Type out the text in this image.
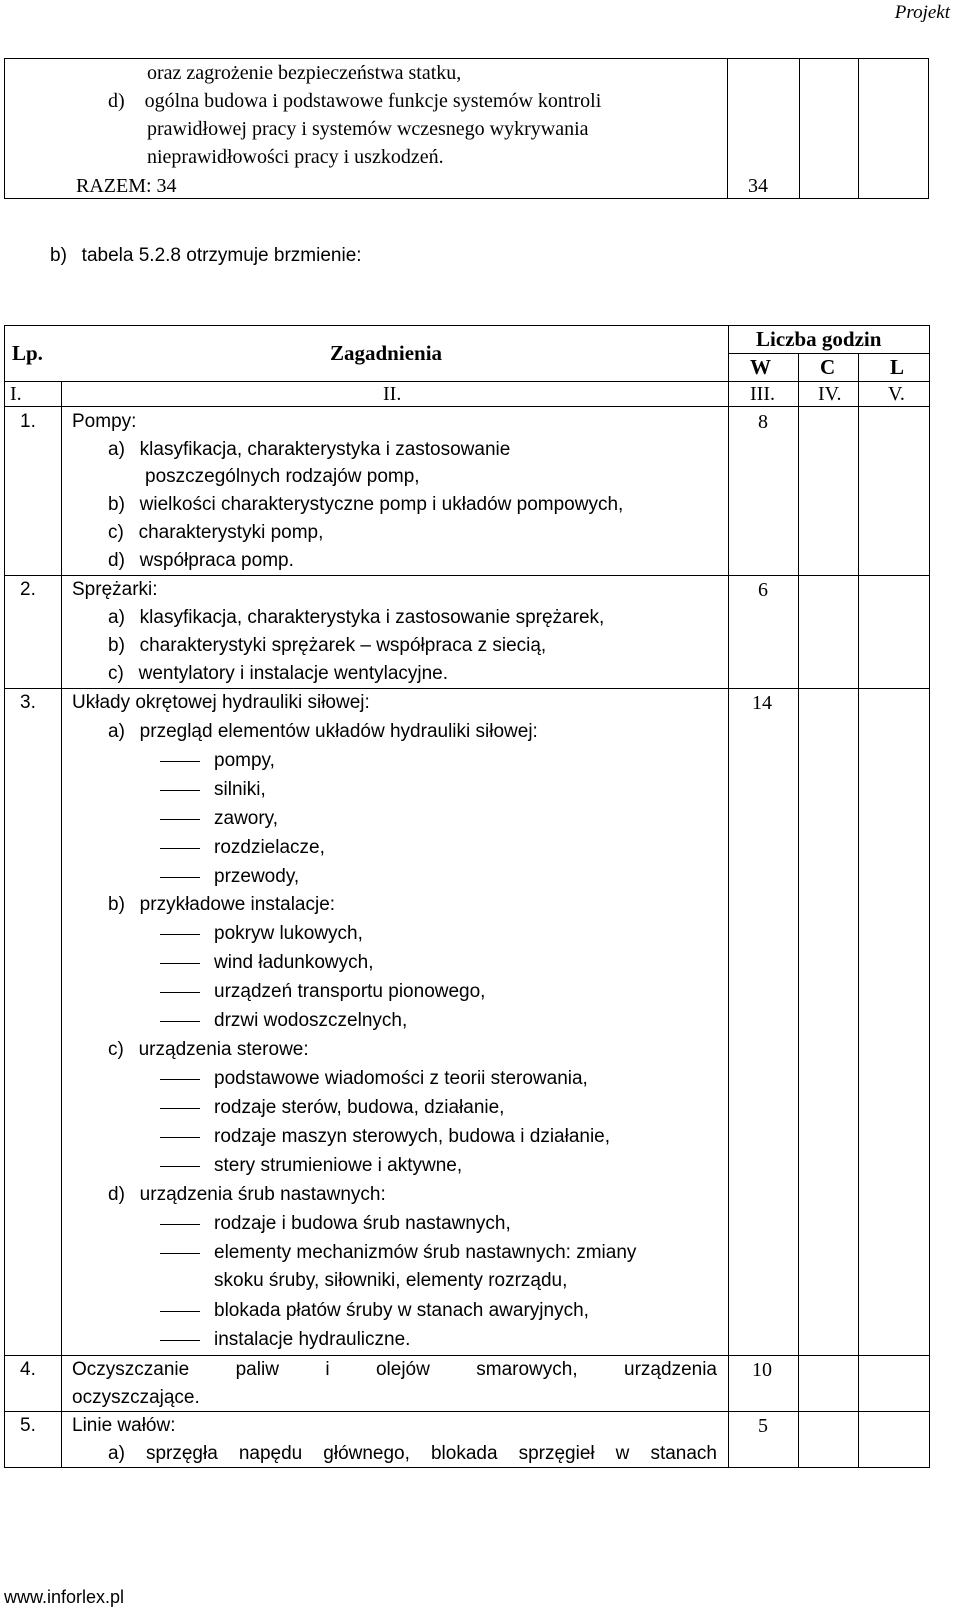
Projekt
www.inforlex.pl
oraz zagrożenie bezpieczeństwa statku,
d) ogólna budowa i podstawowe funkcje systemów kontroli
prawidłowej pracy i systemów wczesnego wykrywania
nieprawidłowości pracy i uszkodzeń.
RAZEM: 34	34
b)  tabela 5.2.8 otrzymuje brzmienie:
Lp.	Zagadnienia
Liczba godzin
W C	L
I.	II.	III. IV. V.
1. Pompy:	8
a)  klasyfikacja, charakterystyka i zastosowanie
poszczególnych rodzajów pomp,
b)  wielkości charakterystyczne pomp i układów pompowych,
c)  charakterystyki pomp,
d)  współpraca pomp.
2. Sprężarki:	6
a)  klasyfikacja, charakterystyka i zastosowanie sprężarek,
b)  charakterystyki sprężarek – współpraca z siecią,
c)  wentylatory i instalacje wentylacyjne.
3. Układy okrętowej hydrauliki siłowej:	14
a)  przegląd elementów układów hydrauliki siłowej:
pompy,
silniki,
zawory,
rozdzielacze,
przewody,
b)  przykładowe instalacje:
pokryw lukowych,
wind ładunkowych,
urządzeń transportu pionowego,
drzwi wodoszczelnych,
c)  urządzenia sterowe:
podstawowe wiadomości z teorii sterowania,
rodzaje sterów, budowa, działanie,
rodzaje maszyn sterowych, budowa i działanie,
stery strumieniowe i aktywne,
d)  urządzenia śrub nastawnych:
rodzaje i budowa śrub nastawnych,
elementy mechanizmów śrub nastawnych: zmiany
skoku śruby, siłowniki, elementy rozrządu,
blokada płatów śruby w stanach awaryjnych,
instalacje hydrauliczne.
4. Oczyszczanie paliw i olejów smarowych, urządzenia 10
oczyszczające.
5. Linie wałów:	5
a) sprzęgła napędu głównego, blokada sprzęgieł w stanach
